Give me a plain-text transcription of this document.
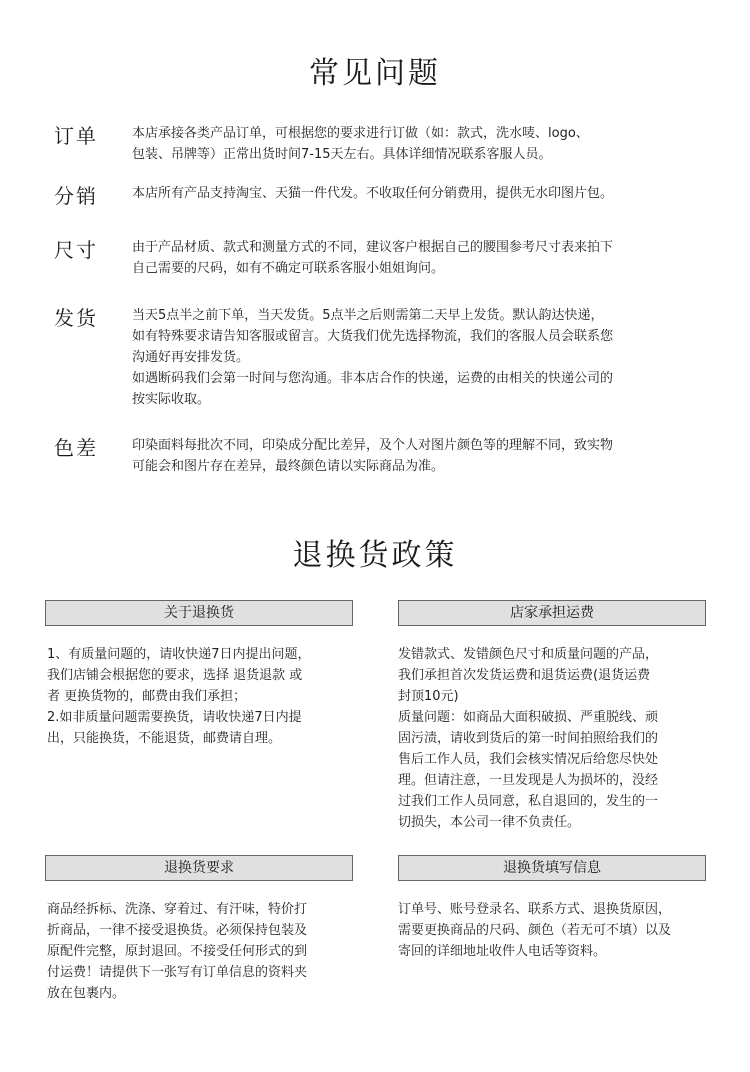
常见问题
订单	本店承接各类产品订单，可根据您的要求进行订做（如：款式，洗水唛、logo、

包装、吊牌等）正常出货时间7-15天左右。具体详细情况联系客服人员。

分销	本店所有产品支持淘宝、天猫一件代发。不收取任何分销费用，提供无水印图片包。

尺寸	由于产品材质、款式和测量方式的不同，建议客户根据自己的腰围参考尺寸表来拍下

自己需要的尺码，如有不确定可联系客服小姐姐询问。

发货	当天5点半之前下单，当天发货。5点半之后则需第二天早上发货。默认韵达快递，

如有特殊要求请告知客服或留言。大货我们优先选择物流，我们的客服人员会联系您

沟通好再安排发货。

如遇断码我们会第一时间与您沟通。非本店合作的快递，运费的由相关的快递公司的

按实际收取。

色差	印染面料每批次不同，印染成分配比差异，及个人对图片颜色等的理解不同，致实物

可能会和图片存在差异，最终颜色请以实际商品为准。

退换货政策
关于退换货

1、有质量问题的，请收快递7日内提出问题，

我们店铺会根据您的要求，选择 退货退款 或

者 更换货物的，邮费由我们承担；

2.如非质量问题需要换货，请收快递7日内提

出，只能换货，不能退货，邮费请自理。

店家承担运费

发错款式、发错颜色尺寸和质量问题的产品，

我们承担首次发货运费和退货运费(退货运费

封顶10元)

质量问题：如商品大面积破损、严重脱线、顽

固污渍，请收到货后的第一时间拍照给我们的

售后工作人员，我们会核实情况后给您尽快处

理。但请注意，一旦发现是人为损坏的，没经

过我们工作人员同意，私自退回的，发生的一

切损失，本公司一律不负责任。

退换货要求

商品经拆标、洗涤、穿着过、有汗味，特价打

折商品，一律不接受退换货。必须保持包装及

原配件完整，原封退回。不接受任何形式的到

付运费！请提供下一张写有订单信息的资料夹

放在包裹内。

退换货填写信息

订单号、账号登录名、联系方式、退换货原因，

需要更换商品的尺码、颜色（若无可不填）以及

寄回的详细地址收件人电话等资料。
